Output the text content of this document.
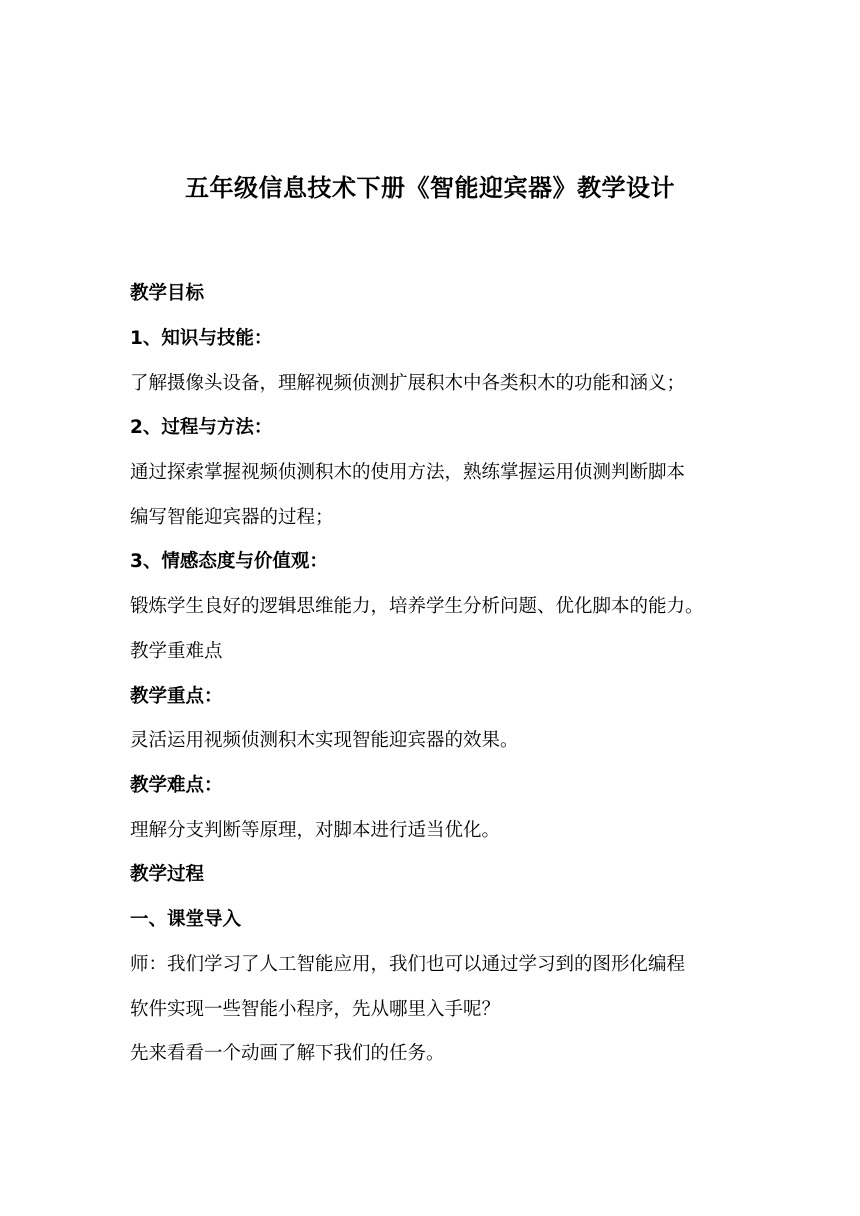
五年级信息技术下册《智能迎宾器》教学设计
教学目标
1、知识与技能：
了解摄像头设备，理解视频侦测扩展积木中各类积木的功能和涵义；
2、过程与方法：
通过探索掌握视频侦测积木的使用方法，熟练掌握运用侦测判断脚本
编写智能迎宾器的过程；
3、情感态度与价值观：
锻炼学生良好的逻辑思维能力，培养学生分析问题、优化脚本的能力。
教学重难点
教学重点：
灵活运用视频侦测积木实现智能迎宾器的效果。
教学难点：
理解分支判断等原理，对脚本进行适当优化。
教学过程
一、课堂导入
师：我们学习了人工智能应用，我们也可以通过学习到的图形化编程
软件实现一些智能小程序，先从哪里入手呢？
先来看看一个动画了解下我们的任务。
